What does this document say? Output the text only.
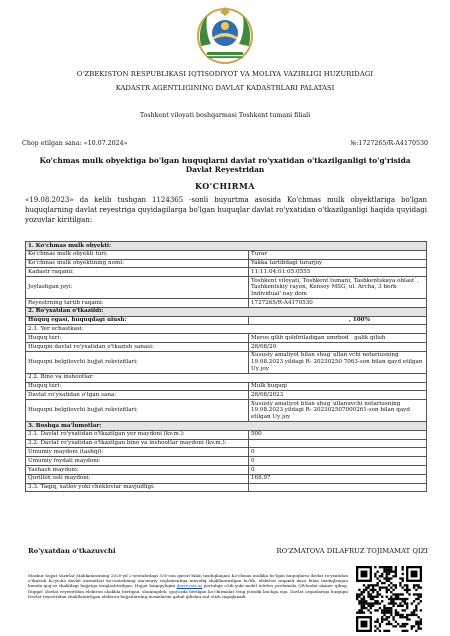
O'ZBEKISTON RESPUBLIKASI IQTISODIYOT VA MOLIYA VAZIRLIGI HUZURIDAGI
KADASTR AGENTLIGINING DAVLAT KADASTRLARI PALATASI
Toshkent viloyati boshqarmasi Toshkent tumani filiali
Chop etilgan sana: «10.07.2024»	№:1727265/R-A4170530
Ko'chmas mulk obyektiga bo'lgan huquqlarni davlat ro'yxatidan o'tkazilganligi to'g'risida Davlat Reyestridan
KO'CHIRMA
«19.08.2023» da kelib tushgan 1124365 -sonli buyurtma asosida Ko'chmas mulk obyektlariga bo'lgan huquqlarning davlat reyestriga quyidagilarga bo'lgan huquqlar davlat ro'yxatidan o'tkazilganligi haqida quyidagi yozuvlar kiritilgan:
1. Ko'chmas mulk obyekti:	
Ko'chmas mulk obyekti turi:	Turar
Ko'chmas mulk obyektining nomi:	Yakka tartibdagi turarjoy
Kadastr raqami:	11:11:04:01:05:0555
Joylashgan joyi:	Toshkent viloyati, Toshkent tumani, Tashkentskaya oblast`, Tashkentskiy rayon, Kensoy MSG, ul. Archa, 3 berk Individual' nay dom
Reyestrning tartib raqami:	1727265/R-A4170530
2. Ro'yxatdan o'tkazildi:	
Huquq egasi, huquqdagi ulush:	, 100%
2.1. Yer uchastkasi:	
Huquq turi:	Meros qilib qoldiriladigan umrbod galik qilish
Huquqni davlat ro'yxatidan o'tkazish sanasi:	28/08/20
Huquqni belgilovchi hujjat rekvizitlari:	Xususiy amaliyot bilan shug`ullan vchi notariusning 19.08.2023 yildagi R- 20230250 7063-son bilan qayd etilgan Uy joy `
2.2. Bino va inshootlar:	
Huquq turi:	Mulk huquqi
Davlat ro'yxatidan o'tgan sana:	28/08/2023
Huquqni belgilovchi hujjat rekvizitlari:	Xususiy amaliyot bilan shug`ullanuvchi notariusning 19.08.2023 yildagi R- 202302507000261-son bilan qayd etilgan Uy joy `
3. Boshqa ma'lumotlar:	
3.1. Davlat ro'yxatidan o'tkazilgan yer maydoni (kv.m.):	500
3.2. Davlat ro'yxatidan o'tkazilgan bino va inshootlar maydoni (kv.m.):	
Umumiy maydoni (tashqi):	0
Umumiy foydali maydoni:	0
Yashash maydoni:	0
Qurilish osti maydoni:	168.97
3.3. Taqiq, xatlov yoki cheklovlar mavjudligi:	
Ro'yxatdan o'tkazuvchi	RO'ZMATOVA DILAFRUZ TOJIMAMAT QIZI
Mazkur hujjat Vazirlar Mahkamasining 2020-yil 2-sentabrdagi 535-son qarori bilan tasdiqlangan Ko'chmas mulkka bo'lgan huquqlarni davlat ro'yxatidan o'tkazish bo'yicha davlat xizmatlari ko'rsatishning ma'muriy reglamentiga muvofiq shakllantirilgan bo'lib, elektron raqamli imzo bilan tasdiqlangan hamda qog'oz shakldagi hujjatga tenglashtirilgan. Hujjat haqiqiyligini davreestr.uz portaliga o'tib yoki mobil telefon yordamida QR-kodni skaner qiling. Diqqat! Davlat reyestridan elektron shaklda berilgan, shuningdek, qog'ozda berilgan ko'chirmalar teng yuridik kuchga ega. Davlat organlariga huquqni Davlat reyestridan shakllantirilgan elektron hujjatlarning nusxalarini qabul qilishni rad etish taqiqlanadi.
